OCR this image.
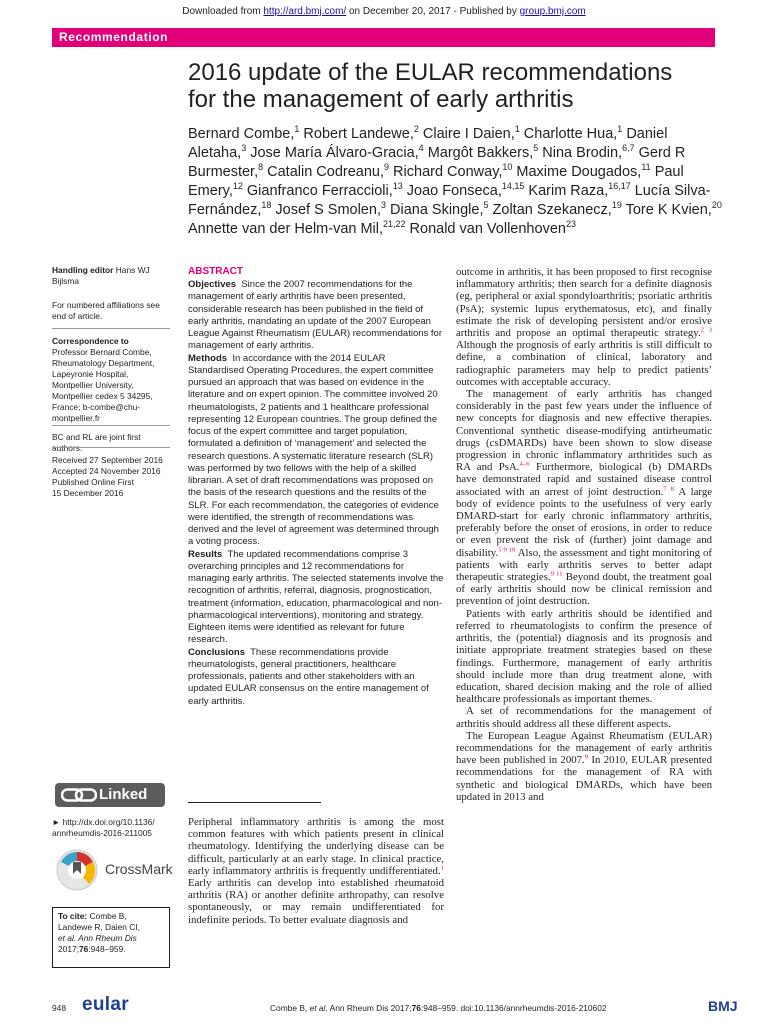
Downloaded from http://ard.bmj.com/ on December 20, 2017 - Published by group.bmj.com
Recommendation
2016 update of the EULAR recommendations
for the management of early arthritis
Bernard Combe,$^1$ Robert Landewe,$^2$ Claire I Daien,$^1$ Charlotte Hua,$^1$ Daniel Aletaha,$^3$ Jose María Álvaro-Gracia,$^4$ Margôt Bakkers,$^5$ Nina Brodin,$^{6,7}$ Gerd R Burmester,$^8$ Catalin Codreanu,$^9$ Richard Conway,$^{10}$ Maxime Dougados,$^{11}$ Paul Emery,$^{12}$ Gianfranco Ferraccioli,$^{13}$ Joao Fonseca,$^{14,15}$ Karim Raza,$^{16,17}$ Lucía Silva-Fernández,$^{18}$ Josef S Smolen,$^3$ Diana Skingle,$^5$ Zoltan Szekanecz,$^{19}$ Tore K Kvien,$^{20}$ Annette van der Helm-van Mil,$^{21,22}$ Ronald van Vollenhoven$^{23}$
Handling editor Hans WJ Bijlsma
For numbered affiliations see end of article.
Correspondence to
Professor Bernard Combe, Rheumatology Department, Lapeyronie Hospital, Montpellier University, Montpellier cedex 5 34295, France; b-combe@chu-montpellier.fr
BC and RL are joint first authors.
Received 27 September 2016
Accepted 24 November 2016
Published Online First
15 December 2016
Linked
► http://dx.doi.org/10.1136/
annrheumdis-2016-211005
CrossMark
To cite: Combe B,
Landewe R, Daien CI,
et al. Ann Rheum Dis
2017;76:948–959.
ABSTRACT

Objectives Since the 2007 recommendations for the management of early arthritis have been presented, considerable research has been published in the field of early arthritis, mandating an update of the 2007 European League Against Rheumatism (EULAR) recommendations for management of early arthritis.

Methods In accordance with the 2014 EULAR Standardised Operating Procedures, the expert committee pursued an approach that was based on evidence in the literature and on expert opinion. The committee involved 20 rheumatologists, 2 patients and 1 healthcare professional representing 12 European countries. The group defined the focus of the expert committee and target population, formulated a definition of ‘management’ and selected the research questions. A systematic literature research (SLR) was performed by two fellows with the help of a skilled librarian. A set of draft recommendations was proposed on the basis of the research questions and the results of the SLR. For each recommendation, the categories of evidence were identified, the strength of recommendations was derived and the level of agreement was determined through a voting process.

Results The updated recommendations comprise 3 overarching principles and 12 recommendations for managing early arthritis. The selected statements involve the recognition of arthritis, referral, diagnosis, prognostication, treatment (information, education, pharmacological and non-pharmacological interventions), monitoring and strategy. Eighteen items were identified as relevant for future research.

Conclusions These recommendations provide rheumatologists, general practitioners, healthcare professionals, patients and other stakeholders with an updated EULAR consensus on the entire management of early arthritis.

Peripheral inflammatory arthritis is among the most common features with which patients present in clinical rheumatology. Identifying the underlying disease can be difficult, particularly at an early stage. In clinical practice, early inflammatory arthritis is frequently undifferentiated.$^1$ Early arthritis can develop into established rheumatoid arthritis (RA) or another definite arthropathy, can resolve spontaneously, or may remain undifferentiated for indefinite periods. To better evaluate diagnosis and

outcome in arthritis, it has been proposed to first recognise inflammatory arthritis; then search for a definite diagnosis (eg, peripheral or axial spondyloarthritis; psoriatic arthritis (PsA); systemic lupus erythematosus, etc), and finally estimate the risk of developing persistent and/or erosive arthritis and propose an optimal therapeutic strategy.$^{2 3}$ Although the prognosis of early arthritis is still difficult to define, a combination of clinical, laboratory and radiographic parameters may help to predict patients’ outcomes with acceptable accuracy.

The management of early arthritis has changed considerably in the past few years under the influence of new concepts for diagnosis and new effective therapies. Conventional synthetic disease-modifying antirheumatic drugs (csDMARDs) have been shown to slow disease progression in chronic inflammatory arthritides such as RA and PsA.$^{4-6}$ Furthermore, biological (b) DMARDs have demonstrated rapid and sustained disease control associated with an arrest of joint destruction.$^{7 8}$ A large body of evidence points to the usefulness of very early DMARD-start for early chronic inflammatory arthritis, preferably before the onset of erosions, in order to reduce or even prevent the risk of (further) joint damage and disability.$^{5 9 10}$ Also, the assessment and tight monitoring of patients with early arthritis serves to better adapt therapeutic strategies.$^{9 11}$ Beyond doubt, the treatment goal of early arthritis should now be clinical remission and prevention of joint destruction.

Patients with early arthritis should be identified and referred to rheumatologists to confirm the presence of arthritis, the (potential) diagnosis and its prognosis and initiate appropriate treatment strategies based on these findings. Furthermore, management of early arthritis should include more than drug treatment alone, with education, shared decision making and the role of allied healthcare professionals as important themes.

A set of recommendations for the management of arthritis should address all these different aspects.

The European League Against Rheumatism (EULAR) recommendations for the management of early arthritis have been published in 2007.$^9$ In 2010, EULAR presented recommendations for the management of RA with synthetic and biological DMARDs, which have been updated in 2013 and

948 eular	Combe B, et al. Ann Rheum Dis 2017;76:948–959. doi:10.1136/annrheumdis-2016-210602	BMJ
